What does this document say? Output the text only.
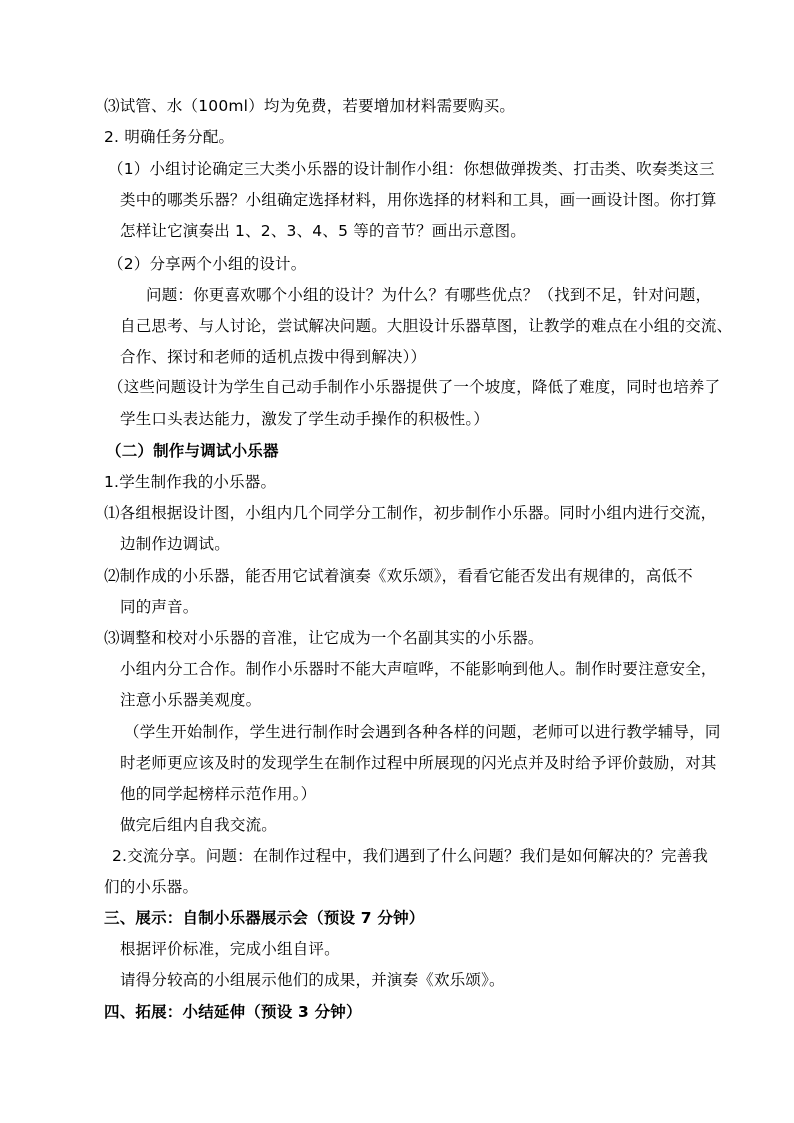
⑶试管、水（100ml）均为免费，若要增加材料需要购买。
2. 明确任务分配。
（1）小组讨论确定三大类小乐器的设计制作小组：你想做弹拨类、打击类、吹奏类这三
类中的哪类乐器？小组确定选择材料，用你选择的材料和工具，画一画设计图。你打算
怎样让它演奏出 1、2、3、4、5 等的音节？画出示意图。
（2）分享两个小组的设计。
问题：你更喜欢哪个小组的设计？为什么？有哪些优点？（找到不足，针对问题，
自己思考、与人讨论，尝试解决问题。大胆设计乐器草图，让教学的难点在小组的交流、
合作、探讨和老师的适机点拨中得到解决））
（这些问题设计为学生自己动手制作小乐器提供了一个坡度，降低了难度，同时也培养了
学生口头表达能力，激发了学生动手操作的积极性。）
（二）制作与调试小乐器
1.学生制作我的小乐器。
⑴各组根据设计图，小组内几个同学分工制作，初步制作小乐器。同时小组内进行交流，
边制作边调试。
⑵制作成的小乐器，能否用它试着演奏《欢乐颂》，看看它能否发出有规律的，高低不
同的声音。
⑶调整和校对小乐器的音准，让它成为一个名副其实的小乐器。
小组内分工合作。制作小乐器时不能大声喧哗，不能影响到他人。制作时要注意安全，
注意小乐器美观度。
（学生开始制作，学生进行制作时会遇到各种各样的问题，老师可以进行教学辅导，同
时老师更应该及时的发现学生在制作过程中所展现的闪光点并及时给予评价鼓励，对其
他的同学起榜样示范作用。）
做完后组内自我交流。
2.交流分享。问题：在制作过程中，我们遇到了什么问题？我们是如何解决的？完善我
们的小乐器。
三、展示：自制小乐器展示会（预设 7 分钟）
根据评价标准，完成小组自评。
请得分较高的小组展示他们的成果，并演奏《欢乐颂》。
四、拓展：小结延伸（预设 3 分钟）
